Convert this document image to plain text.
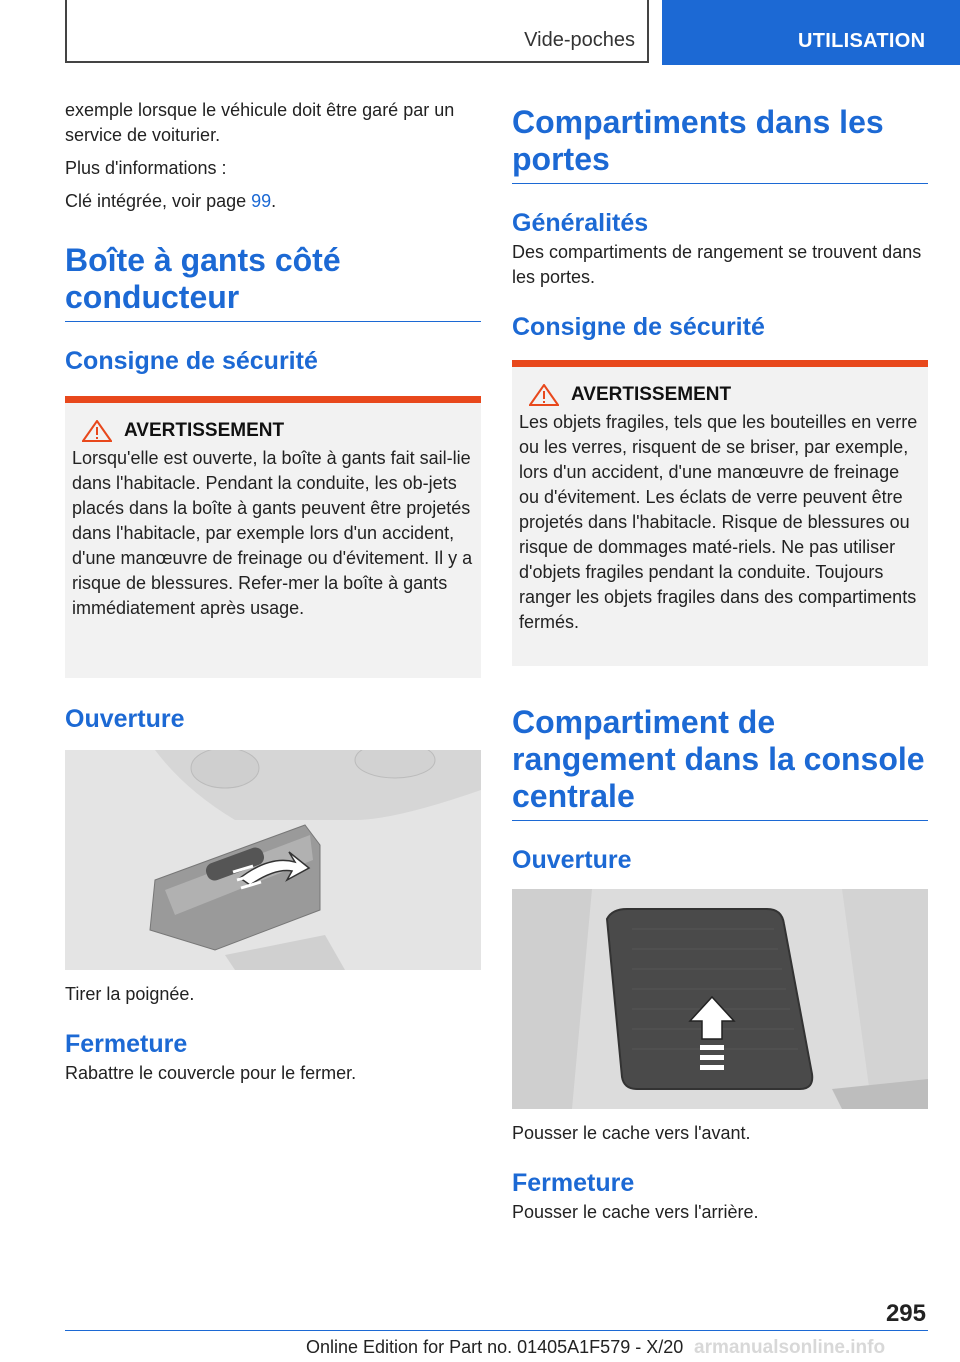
Vide-poches	UTILISATION

exemple lorsque le véhicule doit être garé par un service de voiturier.

Plus d'informations :

Clé intégrée, voir page 99.

Boîte à gants côté conducteur
Consigne de sécurité
AVERTISSEMENT

Lorsqu'elle est ouverte, la boîte à gants fait sail-lie dans l'habitacle. Pendant la conduite, les ob-jets placés dans la boîte à gants peuvent être projetés dans l'habitacle, par exemple lors d'un accident, d'une manœuvre de freinage ou d'évitement. Il y a risque de blessures. Refer-mer la boîte à gants immédiatement après usage.

Ouverture

Tirer la poignée.

Fermeture

Rabattre le couvercle pour le fermer.

Compartiments dans les portes
Généralités

Des compartiments de rangement se trouvent dans les portes.

Consigne de sécurité
AVERTISSEMENT

Les objets fragiles, tels que les bouteilles en verre ou les verres, risquent de se briser, par exemple, lors d'un accident, d'une manœuvre de freinage ou d'évitement. Les éclats de verre peuvent être projetés dans l'habitacle. Risque de blessures ou risque de dommages maté-riels. Ne pas utiliser d'objets fragiles pendant la conduite. Toujours ranger les objets fragiles dans des compartiments fermés.

Compartiment de rangement dans la console centrale
Ouverture

Pousser le cache vers l'avant.

Fermeture

Pousser le cache vers l'arrière.

295
Online Edition for Part no. 01405A1F579 - X/20 armanualsonline.info
